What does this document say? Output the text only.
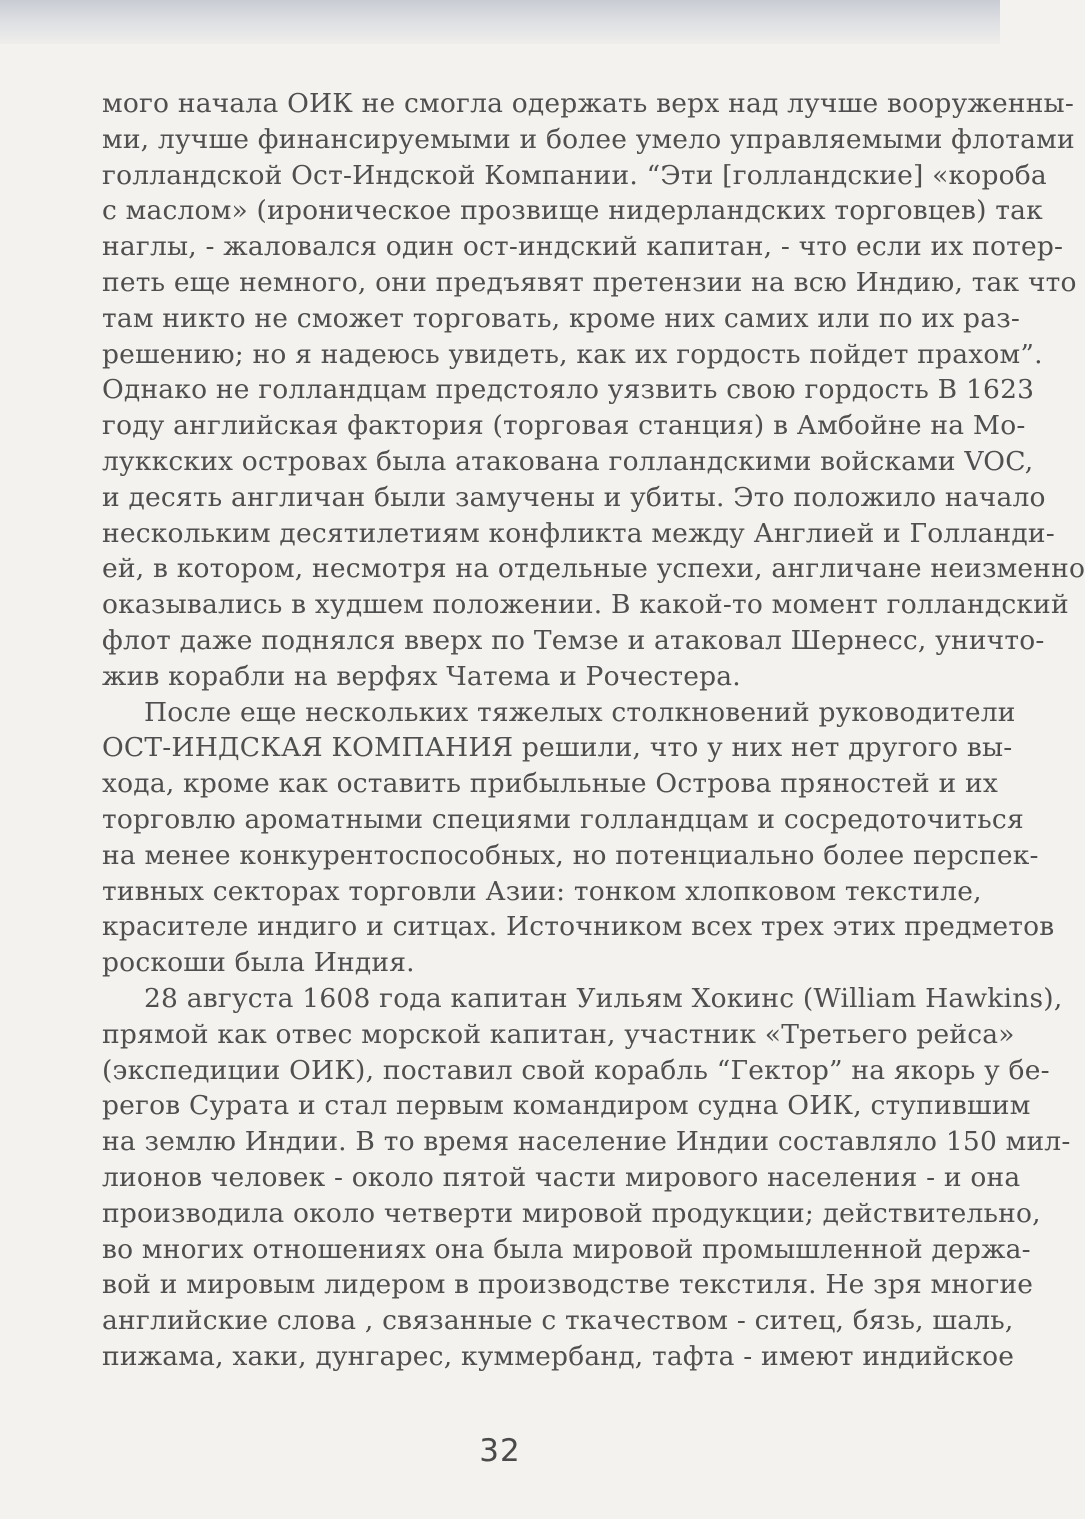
мого начала ОИК не смогла одержать верх над лучше вооруженны-
ми, лучше финансируемыми и более умело управляемыми флотами
голландской Ост-Индской Компании. “Эти [голландские] «короба
с маслом» (ироническое прозвище нидерландских торговцев) так
наглы, - жаловался один ост-индский капитан, - что если их потер-
петь еще немного, они предъявят претензии на всю Индию, так что
там никто не сможет торговать, кроме них самих или по их раз-
решению; но я надеюсь увидеть, как их гордость пойдет прахом”.
Однако не голландцам предстояло уязвить свою гордость В 1623
году английская фактория (торговая станция) в Амбойне на Мо-
луккских островах была атакована голландскими войсками VOC,
и десять англичан были замучены и убиты. Это положило начало
нескольким десятилетиям конфликта между Англией и Голланди-
ей, в котором, несмотря на отдельные успехи, англичане неизменно
оказывались в худшем положении. В какой-то момент голландский
флот даже поднялся вверх по Темзе и атаковал Шернесс, уничто-
жив корабли на верфях Чатема и Рочестера.
После еще нескольких тяжелых столкновений руководители
ОСТ-ИНДСКАЯ КОМПАНИЯ решили, что у них нет другого вы-
хода, кроме как оставить прибыльные Острова пряностей и их
торговлю ароматными специями голландцам и сосредоточиться
на менее конкурентоспособных, но потенциально более перспек-
тивных секторах торговли Азии: тонком хлопковом текстиле,
красителе индиго и ситцах. Источником всех трех этих предметов
роскоши была Индия.
28 августа 1608 года капитан Уильям Хокинс (William Hawkins),
прямой как отвес морской капитан, участник «Третьего рейса»
(экспедиции ОИК), поставил свой корабль “Гектор” на якорь у бе-
регов Сурата и стал первым командиром судна ОИК, ступившим
на землю Индии. В то время население Индии составляло 150 мил-
лионов человек - около пятой части мирового населения - и она
производила около четверти мировой продукции; действительно,
во многих отношениях она была мировой промышленной держа-
вой и мировым лидером в производстве текстиля. Не зря многие
английские слова , связанные с ткачеством - ситец, бязь, шаль,
пижама, хаки, дунгарес, куммербанд, тафта - имеют индийское
32
